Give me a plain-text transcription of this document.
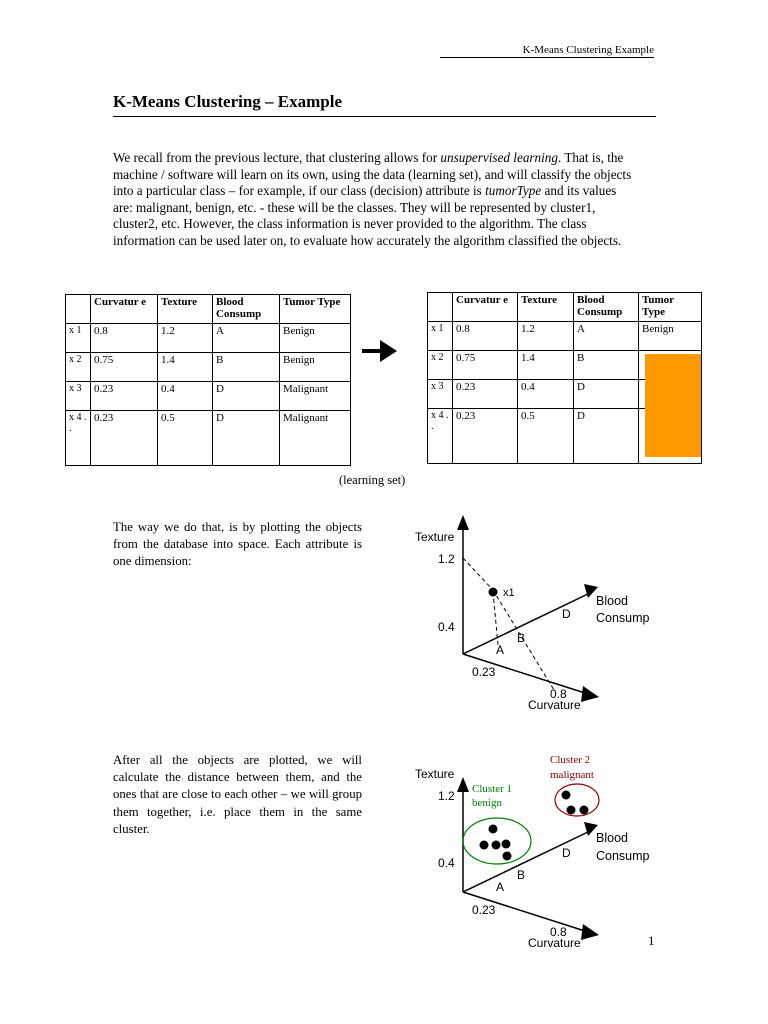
K-Means Clustering Example
K-Means Clustering – Example
We recall from the previous lecture, that clustering allows for unsupervised learning. That is, the machine / software will learn on its own, using the data (learning set), and will classify the objects into a particular class – for example, if our class (decision) attribute is tumorType and its values are: malignant, benign, etc. - these will be the classes. They will be represented by cluster1, cluster2, etc. However, the class information is never provided to the algorithm. The class information can be used later on, to evaluate how accurately the algorithm classified the objects.
	Curvatur e	Texture	Blood Consump	Tumor Type
x 1	0.8	1.2	A	Benign
x 2	0.75	1.4	B	Benign
x 3	0.23	0.4	D	Malignant
x 4 . .	0.23	0.5	D	Malignant
	Curvatur e	Texture	Blood Consump	Tumor Type
x 1	0.8	1.2	A	Benign
x 2	0.75	1.4	B	
x 3	0.23	0.4	D	
x 4 . .	0.23	0.5	D	
(learning set)
The way we do that, is by plotting the objects from the database into space. Each attribute is one dimension:
Texture
1.2
0.4
x1
D
B
A
Blood
Consump
0.23
0.8
Curvature
After all the objects are plotted, we will calculate the distance between them, and the ones that are close to each other – we will group them together, i.e. place them in the same cluster.
Texture
1.2
0.4
Cluster 1
benign
Cluster 2
malignant
D
B
A
Blood
Consump
0.23
0.8
Curvature	1
